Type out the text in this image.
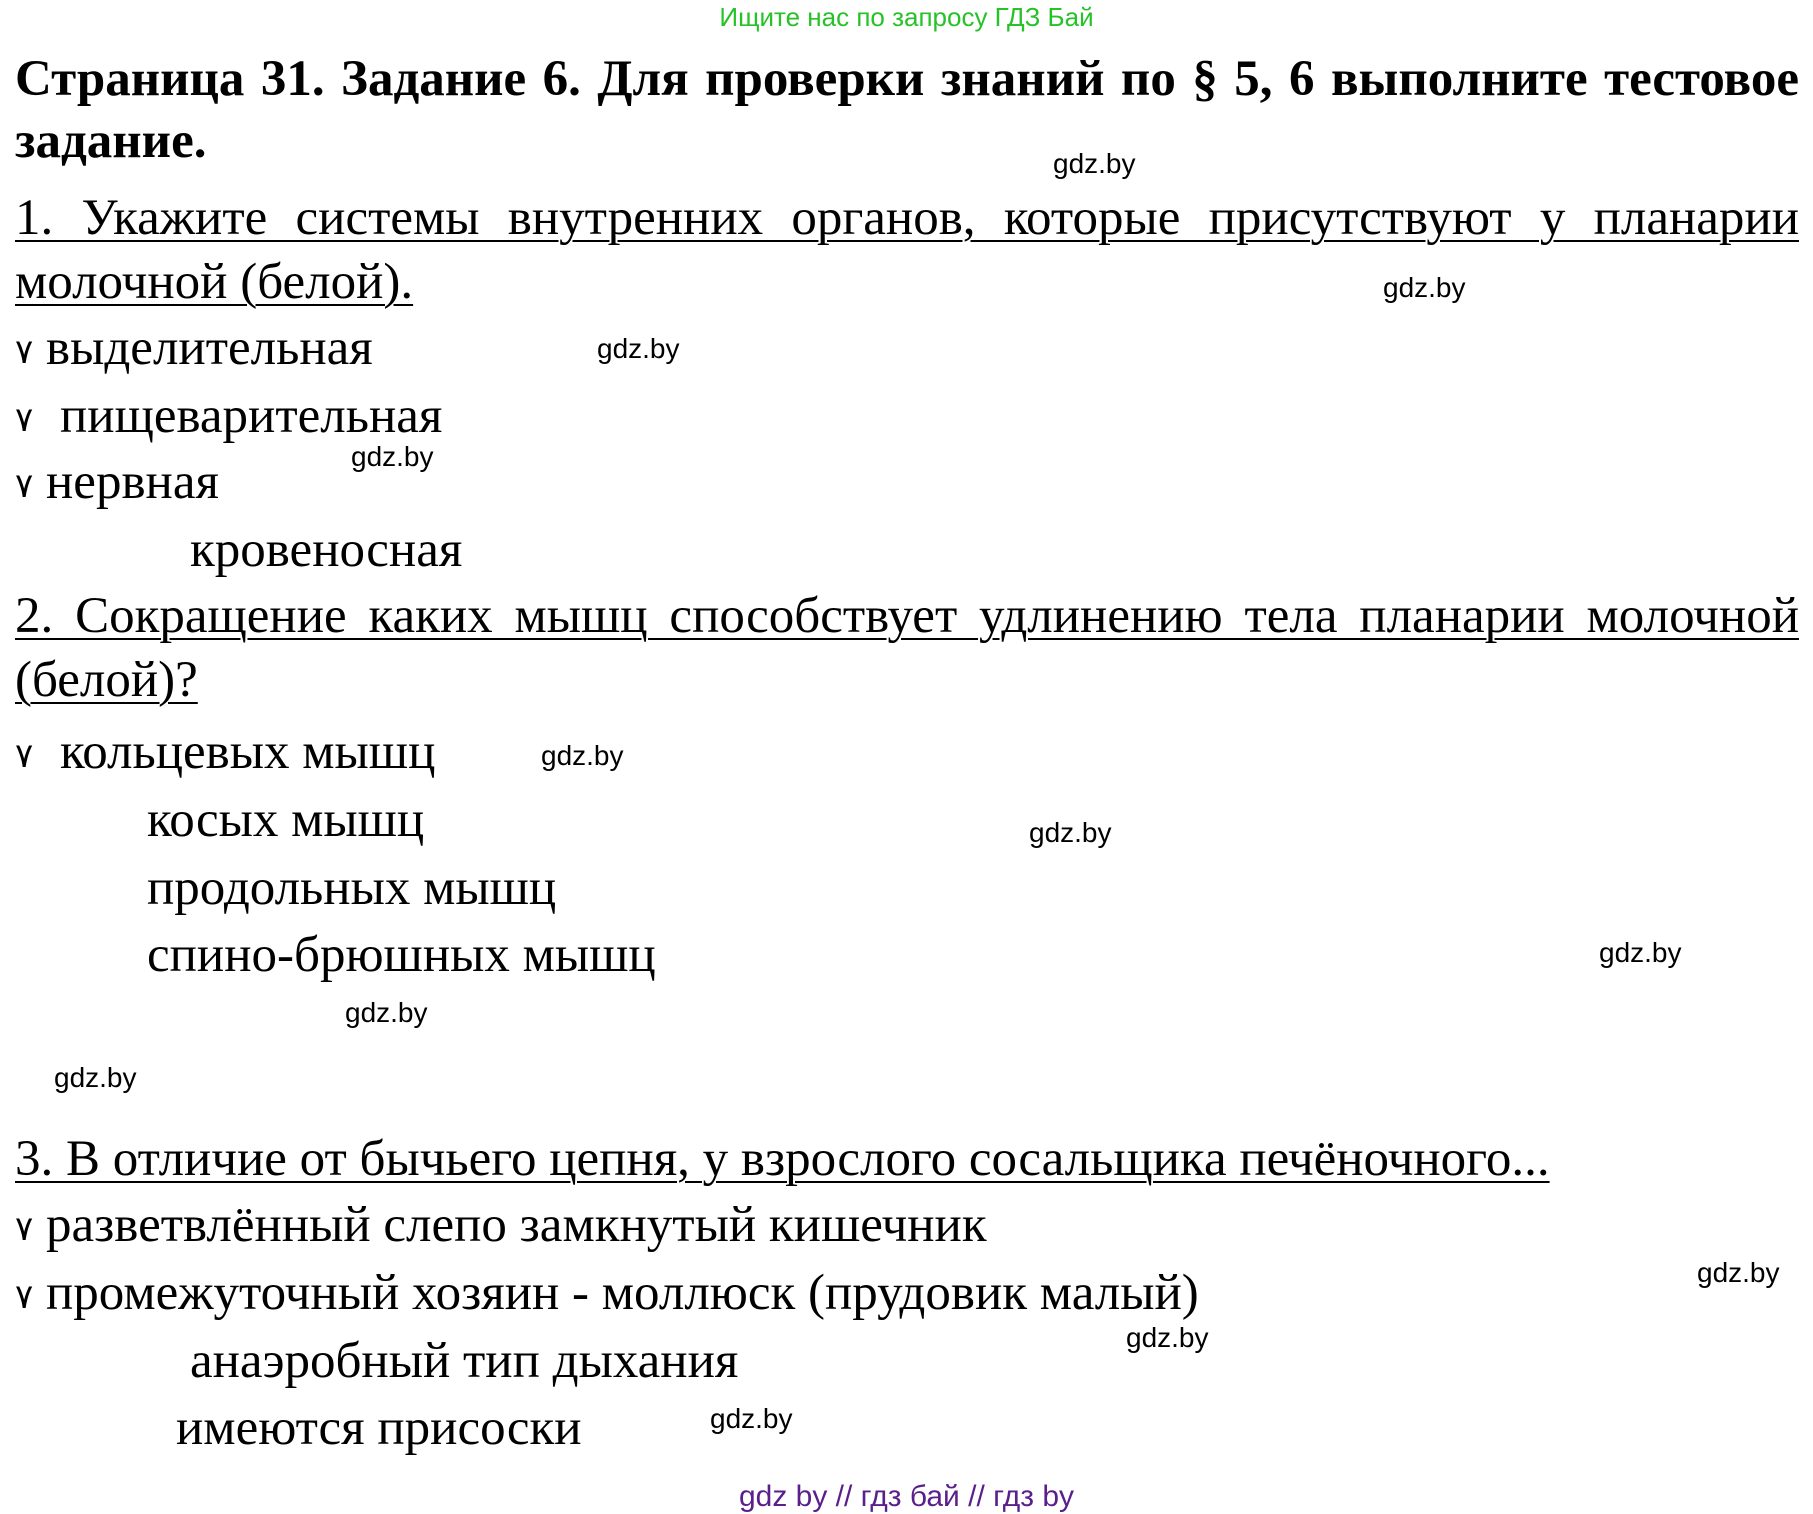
Ищите нас по запросу ГДЗ Бай
Страница 31. Задание 6. Для проверки знаний по § 5, 6 выполните тестовое задание.
1. Укажите системы внутренних органов, которые присутствуют у планарии молочной (белой).
۷ выделительная
۷ пищеварительная
۷ нервная
кровеносная
2. Сокращение каких мышц способствует удлинению тела планарии молочной (белой)?
۷ кольцевых мышц
косых мышц
продольных мышц
спино-брюшных мышц
3. В отличие от бычьего цепня, у взрослого сосальщика печёночного...
۷ разветвлённый слепо замкнутый кишечник
۷ промежуточный хозяин - моллюск (прудовик малый)
анаэробный тип дыхания
имеются присоски
gdz.by
gdz.by
gdz.by
gdz.by
gdz.by
gdz.by
gdz.by
gdz.by
gdz.by
gdz.by
gdz.by
gdz.by
gdz by // гдз бай // гдз by
